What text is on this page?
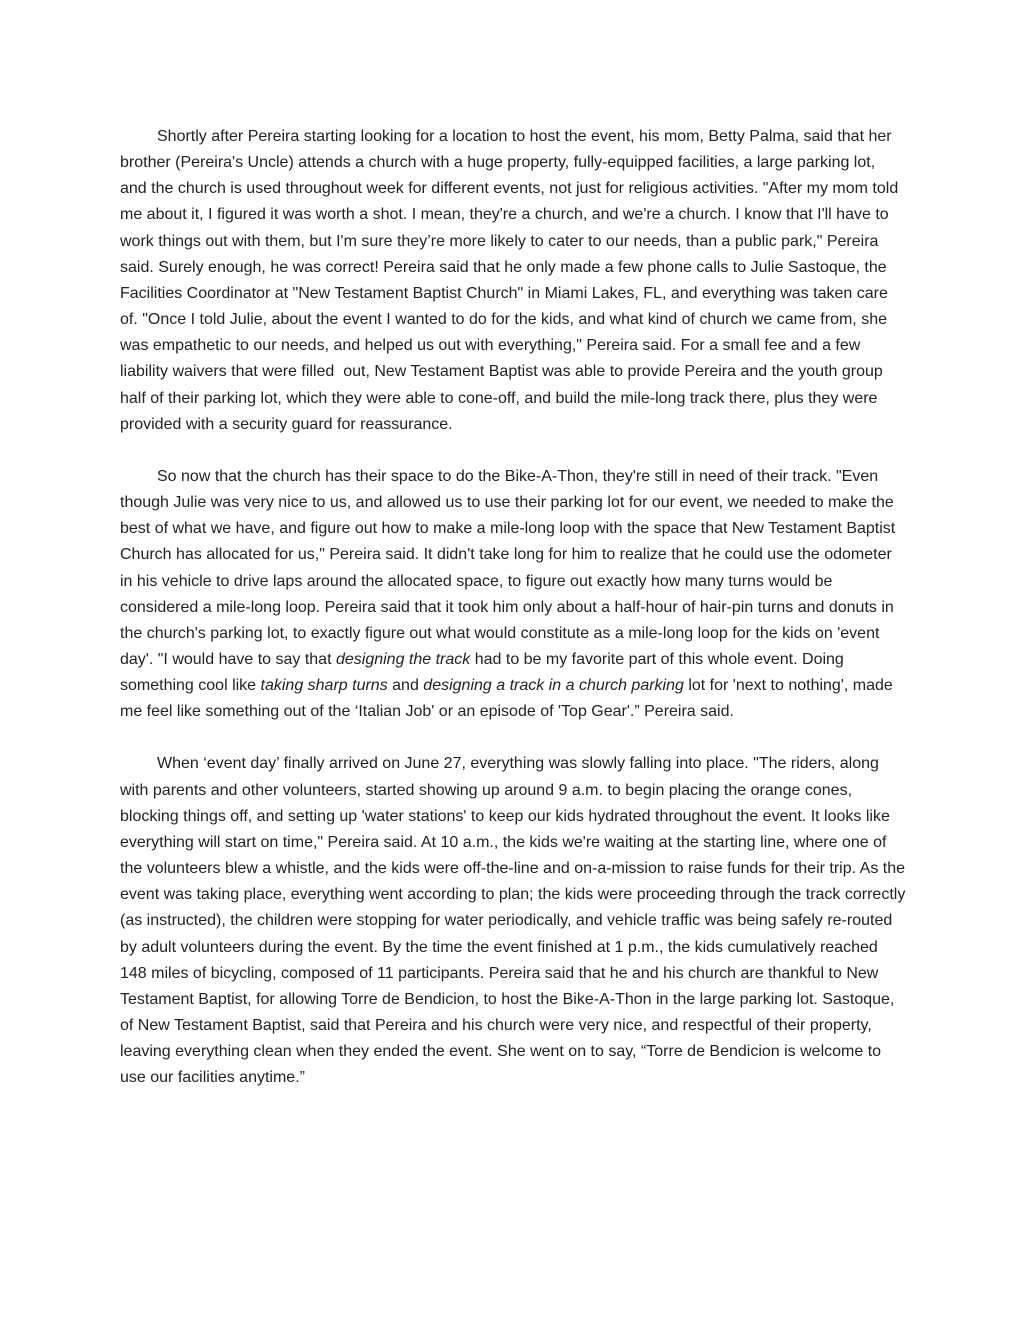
Shortly after Pereira starting looking for a location to host the event, his mom, Betty Palma, said that her brother (Pereira's Uncle) attends a church with a huge property, fully-equipped facilities, a large parking lot, and the church is used throughout week for different events, not just for religious activities. "After my mom told me about it, I figured it was worth a shot. I mean, they're a church, and we're a church. I know that I'll have to work things out with them, but I'm sure they’re more likely to cater to our needs, than a public park," Pereira said. Surely enough, he was correct! Pereira said that he only made a few phone calls to Julie Sastoque, the Facilities Coordinator at "New Testament Baptist Church" in Miami Lakes, FL, and everything was taken care of. "Once I told Julie, about the event I wanted to do for the kids, and what kind of church we came from, she was empathetic to our needs, and helped us out with everything," Pereira said. For a small fee and a few liability waivers that were filled  out, New Testament Baptist was able to provide Pereira and the youth group half of their parking lot, which they were able to cone-off, and build the mile-long track there, plus they were provided with a security guard for reassurance.

So now that the church has their space to do the Bike-A-Thon, they're still in need of their track. "Even though Julie was very nice to us, and allowed us to use their parking lot for our event, we needed to make the best of what we have, and figure out how to make a mile-long loop with the space that New Testament Baptist Church has allocated for us," Pereira said. It didn't take long for him to realize that he could use the odometer in his vehicle to drive laps around the allocated space, to figure out exactly how many turns would be considered a mile-long loop. Pereira said that it took him only about a half-hour of hair-pin turns and donuts in the church's parking lot, to exactly figure out what would constitute as a mile-long loop for the kids on 'event day'. "I would have to say that designing the track had to be my favorite part of this whole event. Doing something cool like taking sharp turns and designing a track in a church parking lot for 'next to nothing', made me feel like something out of the ‘Italian Job' or an episode of 'Top Gear'.” Pereira said.

When ‘event day’ finally arrived on June 27, everything was slowly falling into place. "The riders, along with parents and other volunteers, started showing up around 9 a.m. to begin placing the orange cones, blocking things off, and setting up 'water stations' to keep our kids hydrated throughout the event. It looks like everything will start on time," Pereira said. At 10 a.m., the kids we're waiting at the starting line, where one of the volunteers blew a whistle, and the kids were off-the-line and on-a-mission to raise funds for their trip. As the event was taking place, everything went according to plan; the kids were proceeding through the track correctly (as instructed), the children were stopping for water periodically, and vehicle traffic was being safely re-routed by adult volunteers during the event. By the time the event finished at 1 p.m., the kids cumulatively reached 148 miles of bicycling, composed of 11 participants. Pereira said that he and his church are thankful to New Testament Baptist, for allowing Torre de Bendicion, to host the Bike-A-Thon in the large parking lot. Sastoque, of New Testament Baptist, said that Pereira and his church were very nice, and respectful of their property, leaving everything clean when they ended the event. She went on to say, “Torre de Bendicion is welcome to use our facilities anytime.”
